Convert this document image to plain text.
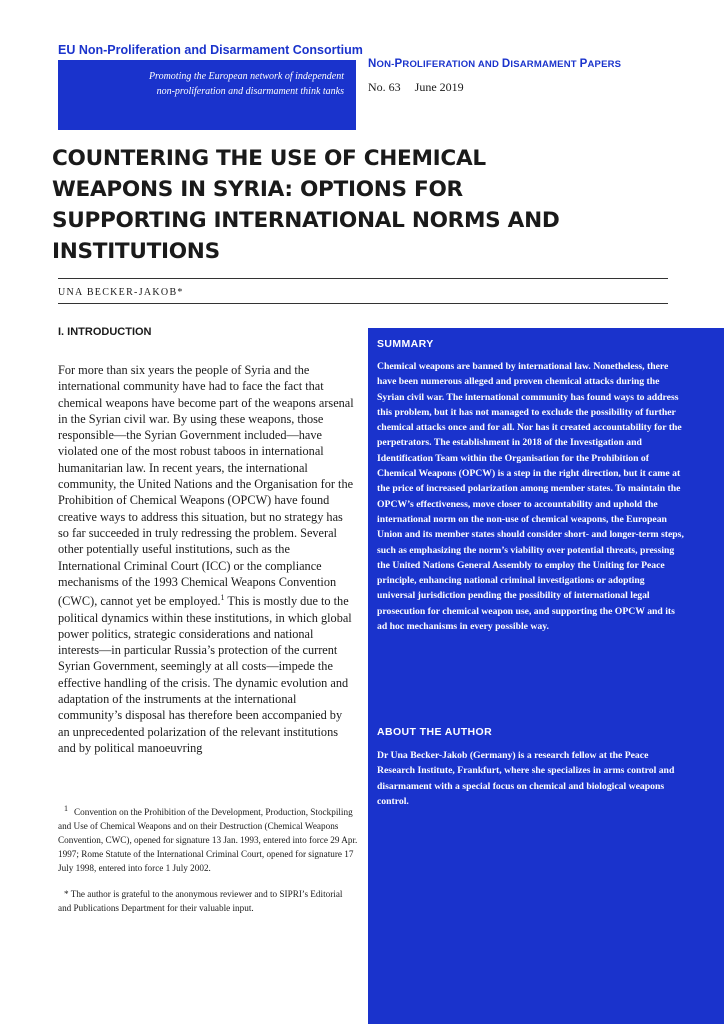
EU Non-Proliferation and Disarmament Consortium
Promoting the European network of independent
non-proliferation and disarmament think tanks
NON-PROLIFERATION AND DISARMAMENT PAPERS
No. 63 June 2019
COUNTERING THE USE OF CHEMICAL WEAPONS IN SYRIA: OPTIONS FOR SUPPORTING INTERNATIONAL NORMS AND INSTITUTIONS
UNA BECKER-JAKOB*
I. INTRODUCTION

For more than six years the people of Syria and the international community have had to face the fact that chemical weapons have become part of the weapons arsenal in the Syrian civil war. By using these weapons, those responsible—the Syrian Government included—have violated one of the most robust taboos in international humanitarian law. In recent years, the international community, the United Nations and the Organisation for the Prohibition of Chemical Weapons (OPCW) have found creative ways to address this situation, but no strategy has so far succeeded in truly redressing the problem. Several other potentially useful institutions, such as the International Criminal Court (ICC) or the compliance mechanisms of the 1993 Chemical Weapons Convention (CWC), cannot yet be employed.$^1$ This is mostly due to the political dynamics within these institutions, in which global power politics, strategic considerations and national interests—in particular Russia’s protection of the current Syrian Government, seemingly at all costs—impede the effective handling of the crisis. The dynamic evolution and adaptation of the instruments at the international community’s disposal has therefore been accompanied by an unprecedented polarization of the relevant institutions and by political manoeuvring

$^1$ Convention on the Prohibition of the Development, Production, Stockpiling and Use of Chemical Weapons and on their Destruction (Chemical Weapons Convention, CWC), opened for signature 13 Jan. 1993, entered into force 29 Apr. 1997; Rome Statute of the International Criminal Court, opened for signature 17 July 1998, entered into force 1 July 2002.

* The author is grateful to the anonymous reviewer and to SIPRI’s Editorial and Publications Department for their valuable input.

SUMMARY

Chemical weapons are banned by international law. Nonetheless, there have been numerous alleged and proven chemical attacks during the Syrian civil war. The international community has found ways to address this problem, but it has not managed to exclude the possibility of further chemical attacks once and for all. Nor has it created accountability for the perpetrators. The establishment in 2018 of the Investigation and Identification Team within the Organisation for the Prohibition of Chemical Weapons (OPCW) is a step in the right direction, but it came at the price of increased polarization among member states. To maintain the OPCW’s effectiveness, move closer to accountability and uphold the international norm on the non-use of chemical weapons, the European Union and its member states should consider short- and longer-term steps, such as emphasizing the norm’s viability over potential threats, pressing the United Nations General Assembly to employ the Uniting for Peace principle, enhancing national criminal investigations or adopting universal jurisdiction pending the possibility of international legal prosecution for chemical weapon use, and supporting the OPCW and its ad hoc mechanisms in every possible way.

ABOUT THE AUTHOR

Dr Una Becker-Jakob (Germany) is a research fellow at the Peace Research Institute, Frankfurt, where she specializes in arms control and disarmament with a special focus on chemical and biological weapons control.
